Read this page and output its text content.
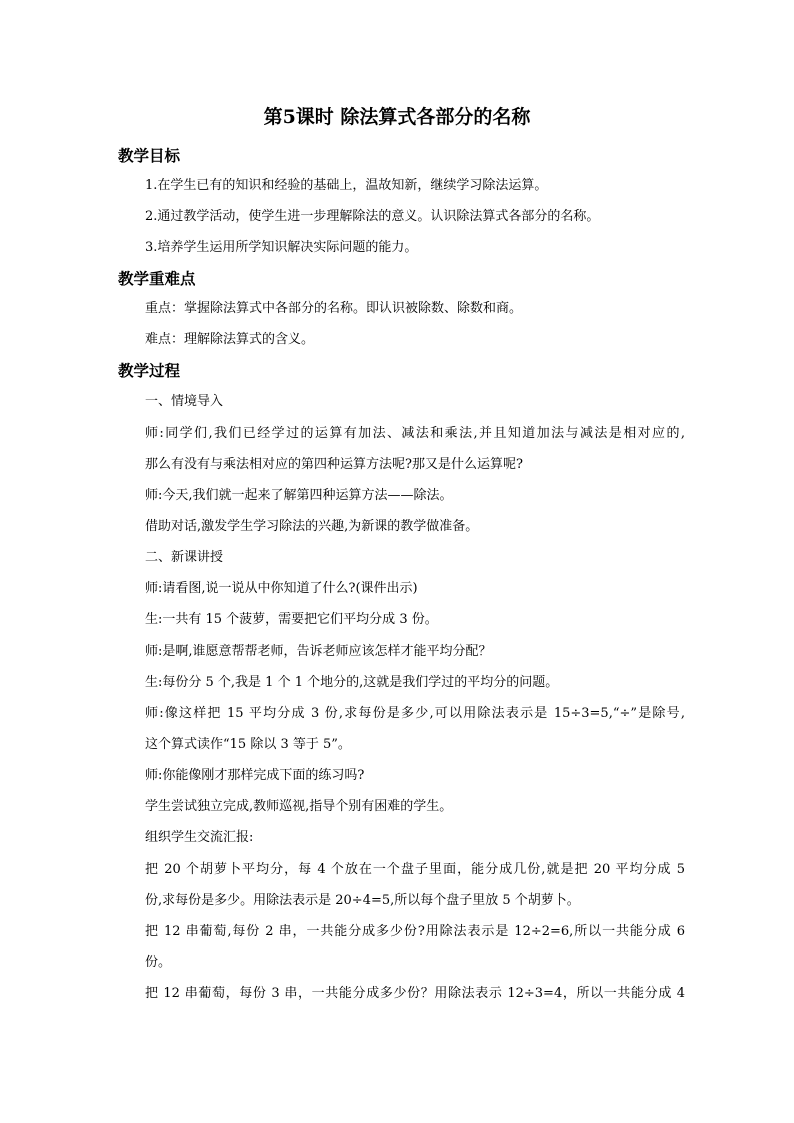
第5课时 除法算式各部分的名称
教学目标
1.在学生已有的知识和经验的基础上，温故知新，继续学习除法运算。
2.通过教学活动，使学生进一步理解除法的意义。认识除法算式各部分的名称。
3.培养学生运用所学知识解决实际问题的能力。
教学重难点
重点：掌握除法算式中各部分的名称。即认识被除数、除数和商。
难点：理解除法算式的含义。
教学过程
一、情境导入
师:同学们,我们已经学过的运算有加法、减法和乘法,并且知道加法与减法是相对应的,
那么有没有与乘法相对应的第四种运算方法呢?那又是什么运算呢?
师:今天,我们就一起来了解第四种运算方法——除法。
借助对话,激发学生学习除法的兴趣,为新课的教学做准备。
二、新课讲授
师:请看图,说一说从中你知道了什么?(课件出示)
生:一共有 15 个菠萝，需要把它们平均分成 3 份。
师:是啊,谁愿意帮帮老师，告诉老师应该怎样才能平均分配？
生:每份分 5 个,我是 1 个 1 个地分的,这就是我们学过的平均分的问题。
师:像这样把 15 平均分成 3 份,求每份是多少,可以用除法表示是 15÷3=5,“÷”是除号,
这个算式读作“15 除以 3 等于 5”。
师:你能像刚才那样完成下面的练习吗?
学生尝试独立完成,教师巡视,指导个别有困难的学生。
组织学生交流汇报:
把 20 个胡萝卜平均分，每 4 个放在一个盘子里面，能分成几份,就是把 20 平均分成 5
份,求每份是多少。用除法表示是 20÷4=5,所以每个盘子里放 5 个胡萝卜。
把 12 串葡萄,每份 2 串，一共能分成多少份?用除法表示是 12÷2=6,所以一共能分成 6
份。
把 12 串葡萄，每份 3 串，一共能分成多少份？用除法表示 12÷3=4，所以一共能分成 4
